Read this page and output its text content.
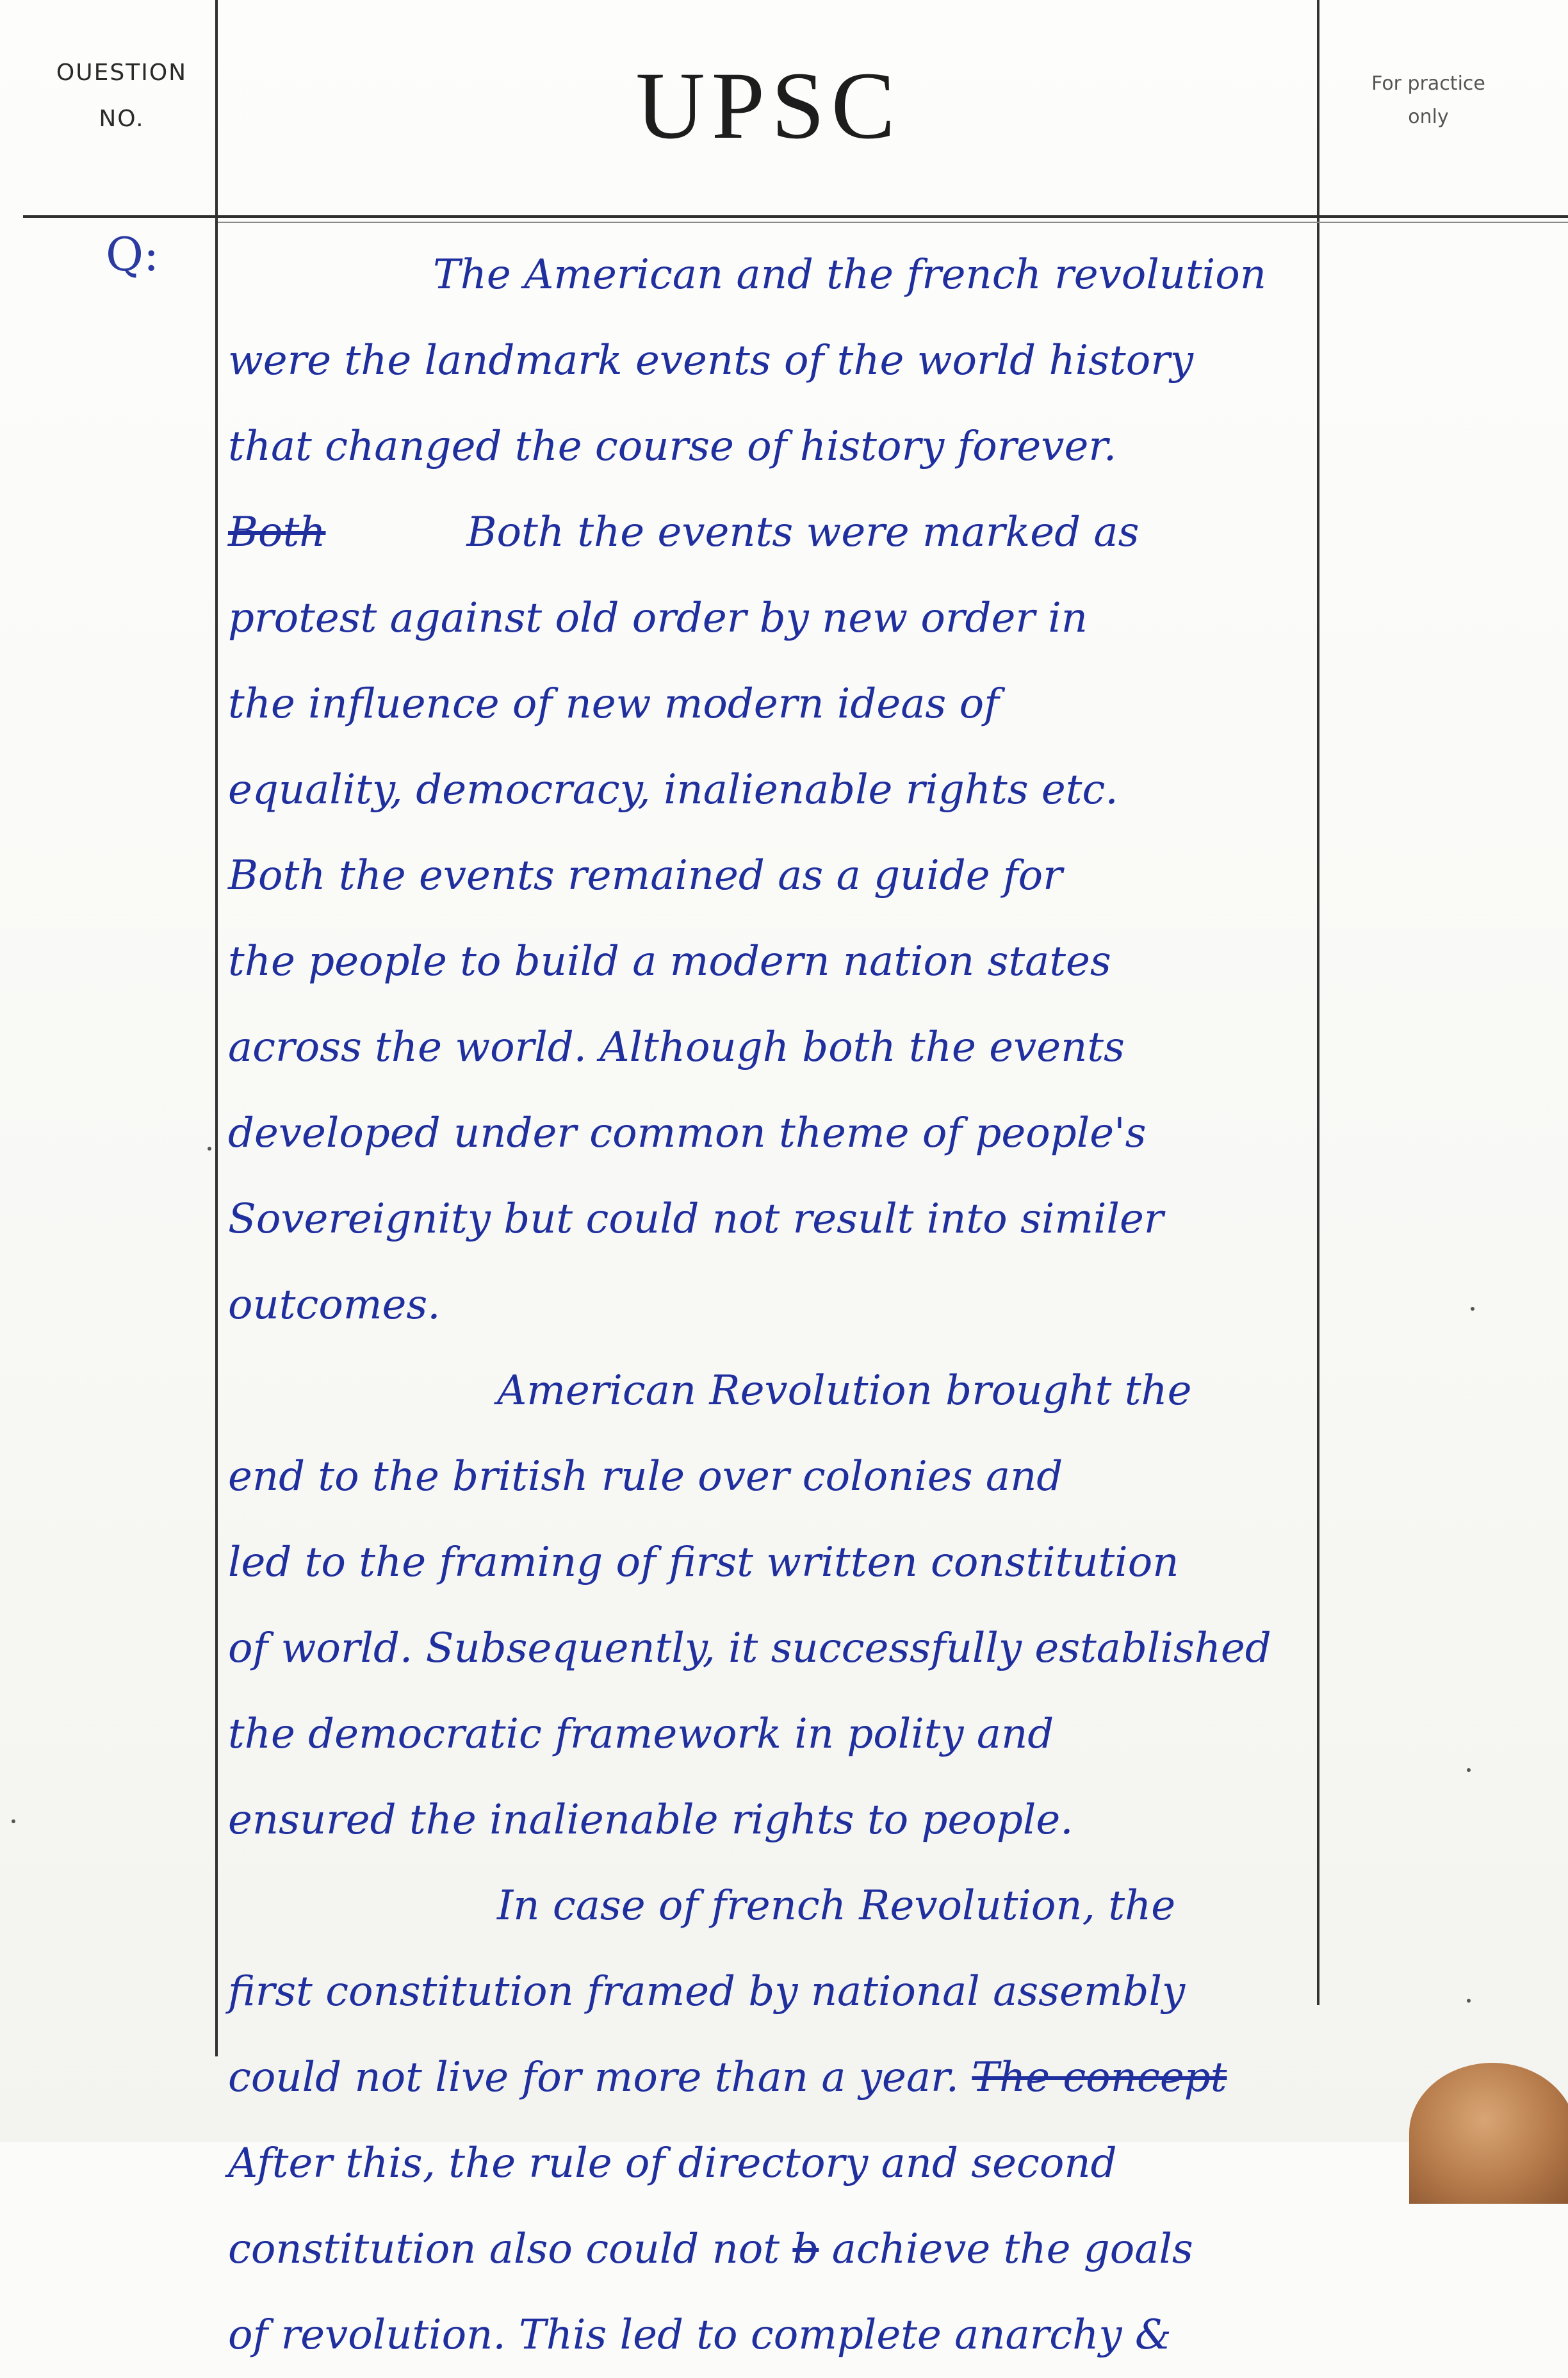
OUESTION
NO.	UPSC	For practice
only
Q:	The American and the french revolution
were the landmark events of the world history
that changed the course of history forever.
Both	Both the events were marked as
protest against old order by new order in
the influence of new modern ideas of
equality, democracy, inalienable rights etc.
Both the events remained as a guide for
the people to build a modern nation states
across the world. Although both the events
developed under common theme of people's
Sovereignity but could not result into similer
outcomes.
American Revolution brought the
end to the british rule over colonies and
led to the framing of first written constitution
of world. Subsequently, it successfully established
the democratic framework in polity and
ensured the inalienable rights to people.
In case of french Revolution, the
first constitution framed by national assembly
could not live for more than a year. The concept
After this, the rule of directory and second
constitution also could not b achieve the goals
of revolution. This led to complete anarchy &
